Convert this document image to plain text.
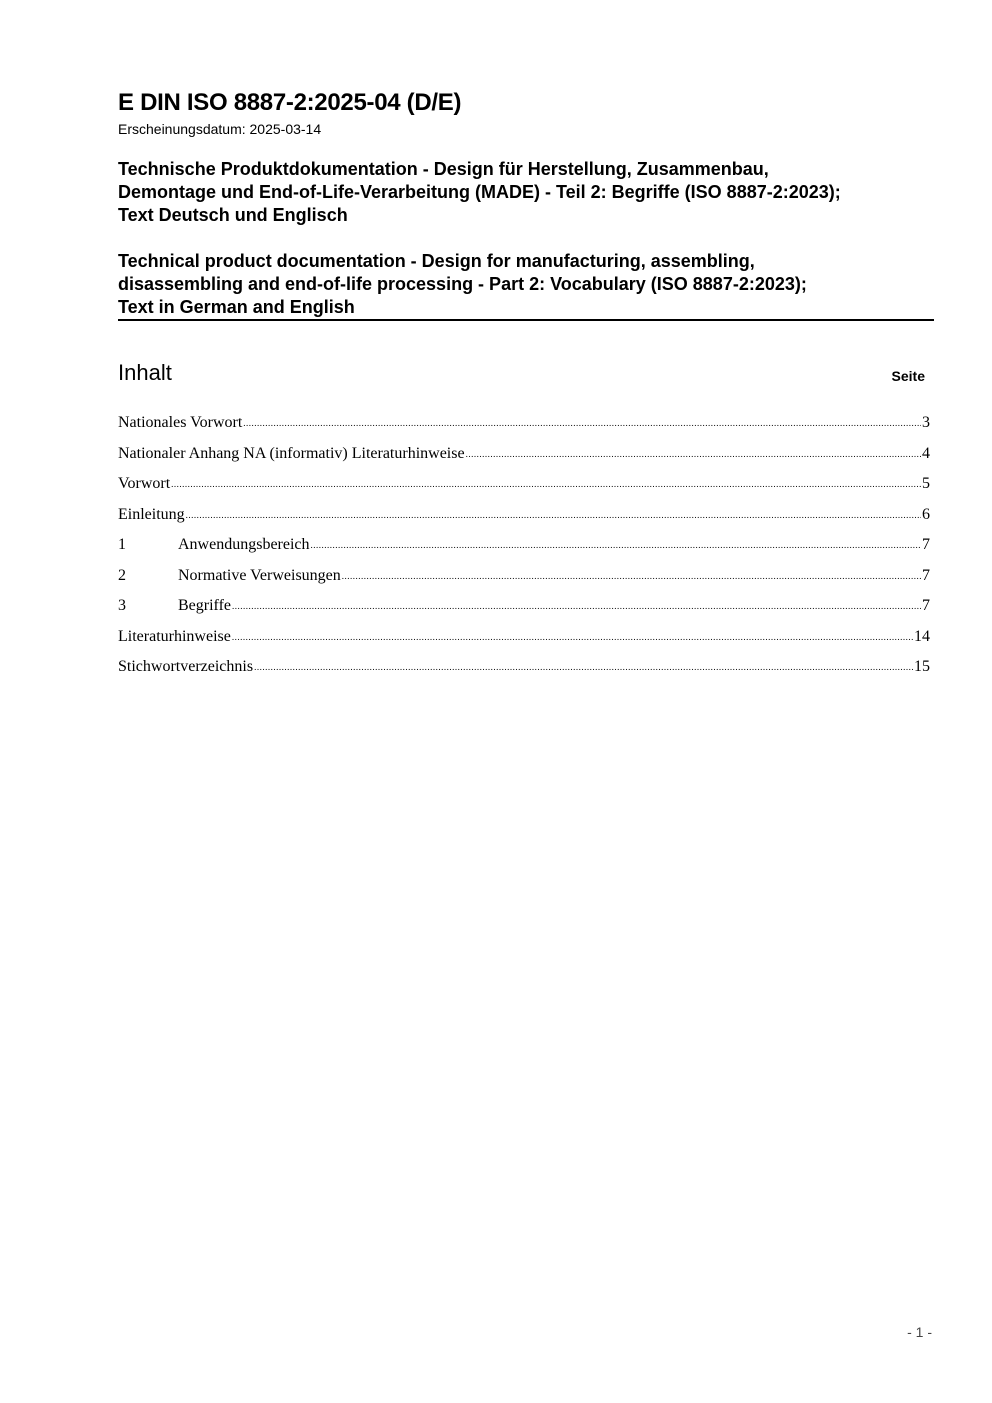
E DIN ISO 8887-2:2025-04 (D/E)
Erscheinungsdatum: 2025-03-14
Technische Produktdokumentation - Design für Herstellung, Zusammenbau,
Demontage und End-of-Life-Verarbeitung (MADE) - Teil 2: Begriffe (ISO 8887-2:2023);
Text Deutsch und Englisch
Technical product documentation - Design for manufacturing, assembling,
disassembling and end-of-life processing - Part 2: Vocabulary (ISO 8887-2:2023);
Text in German and English
Inhalt	Seite
Nationales Vorwort .....	3
Nationaler Anhang NA (informativ) Literaturhinweise .....	4
Vorwort .....	5
Einleitung .....	6
1	Anwendungsbereich .....	7
2	Normative Verweisungen .....	7
3	Begriffe .....	7
Literaturhinweise .....	14
Stichwortverzeichnis .....	15
- 1 -
